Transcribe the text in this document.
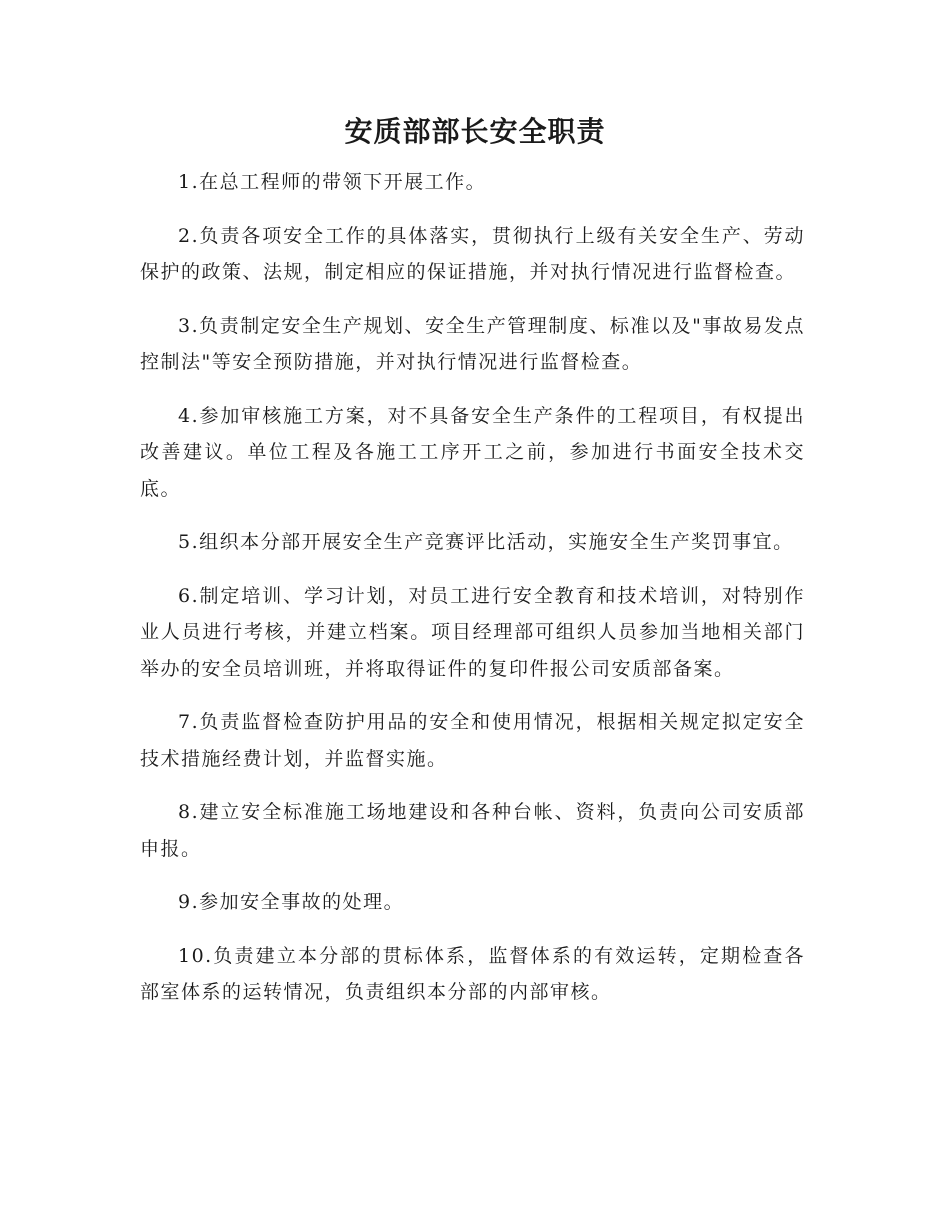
安质部部长安全职责

1.在总工程师的带领下开展工作。

2.负责各项安全工作的具体落实，贯彻执行上级有关安全生产、劳动保护的政策、法规，制定相应的保证措施，并对执行情况进行监督检查。

3.负责制定安全生产规划、安全生产管理制度、标准以及"事故易发点控制法"等安全预防措施，并对执行情况进行监督检查。

4.参加审核施工方案，对不具备安全生产条件的工程项目，有权提出改善建议。单位工程及各施工工序开工之前，参加进行书面安全技术交底。

5.组织本分部开展安全生产竞赛评比活动，实施安全生产奖罚事宜。

6.制定培训、学习计划，对员工进行安全教育和技术培训，对特别作业人员进行考核，并建立档案。项目经理部可组织人员参加当地相关部门举办的安全员培训班，并将取得证件的复印件报公司安质部备案。

7.负责监督检查防护用品的安全和使用情况，根据相关规定拟定安全技术措施经费计划，并监督实施。

8.建立安全标准施工场地建设和各种台帐、资料，负责向公司安质部申报。

9.参加安全事故的处理。

10.负责建立本分部的贯标体系，监督体系的有效运转，定期检查各部室体系的运转情况，负责组织本分部的内部审核。
